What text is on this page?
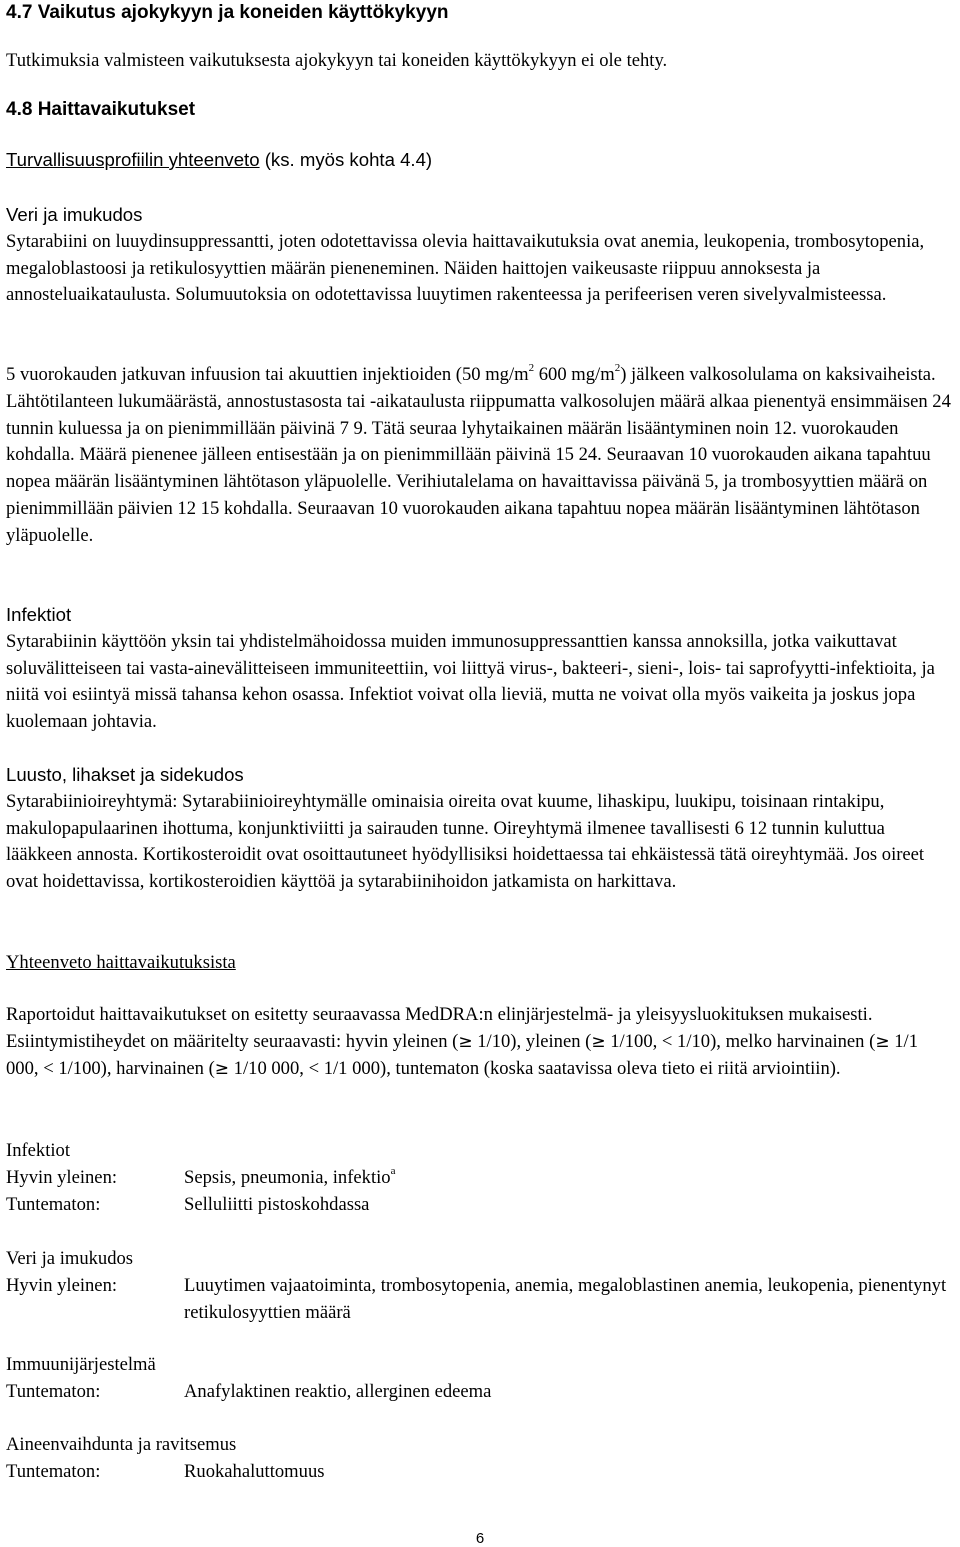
4.7 Vaikutus ajokykyyn ja koneiden käyttökykyyn

Tutkimuksia valmisteen vaikutuksesta ajokykyyn tai koneiden käyttökykyyn ei ole tehty.

4.8 Haittavaikutukset

Turvallisuusprofiilin yhteenveto (ks. myös kohta 4.4)

Veri ja imukudos

Sytarabiini on luuydinsuppressantti, joten odotettavissa olevia haittavaikutuksia ovat anemia, leukopenia, trombosytopenia, megaloblastoosi ja retikulosyyttien määrän pieneneminen. Näiden haittojen vaikeusaste riippuu annoksesta ja annosteluaikataulusta. Solumuutoksia on odotettavissa luuytimen rakenteessa ja perifeerisen veren sivelyvalmisteessa.

5 vuorokauden jatkuvan infuusion tai akuuttien injektioiden (50 $mg/m^2$ 600 $mg/m^2$) jälkeen valkosolulama on kaksivaiheista. Lähtötilanteen lukumäärästä, annostustasosta tai -aikataulusta riippumatta valkosolujen määrä alkaa pienentyä ensimmäisen 24 tunnin kuluessa ja on pienimmillään päivinä 7 9. Tätä seuraa lyhytaikainen määrän lisääntyminen noin 12. vuorokauden kohdalla. Määrä pienenee jälleen entisestään ja on pienimmillään päivinä 15 24. Seuraavan 10 vuorokauden aikana tapahtuu nopea määrän lisääntyminen lähtötason yläpuolelle. Verihiutalelama on havaittavissa päivänä 5, ja trombosyyttien määrä on pienimmillään päivien 12 15 kohdalla. Seuraavan 10 vuorokauden aikana tapahtuu nopea määrän lisääntyminen lähtötason yläpuolelle.

Infektiot

Sytarabiinin käyttöön yksin tai yhdistelmähoidossa muiden immunosuppressanttien kanssa annoksilla, jotka vaikuttavat soluvälitteiseen tai vasta-ainevälitteiseen immuniteettiin, voi liittyä virus-, bakteeri-, sieni-, lois- tai saprofyytti-infektioita, ja niitä voi esiintyä missä tahansa kehon osassa. Infektiot voivat olla lieviä, mutta ne voivat olla myös vaikeita ja joskus jopa kuolemaan johtavia.

Luusto, lihakset ja sidekudos

Sytarabiinioireyhtymä: Sytarabiinioireyhtymälle ominaisia oireita ovat kuume, lihaskipu, luukipu, toisinaan rintakipu, makulopapulaarinen ihottuma, konjunktiviitti ja sairauden tunne. Oireyhtymä ilmenee tavallisesti 6 12 tunnin kuluttua lääkkeen annosta. Kortikosteroidit ovat osoittautuneet hyödyllisiksi hoidettaessa tai ehkäistessä tätä oireyhtymää. Jos oireet ovat hoidettavissa, kortikosteroidien käyttöä ja sytarabiinihoidon jatkamista on harkittava.

Yhteenveto haittavaikutuksista

Raportoidut haittavaikutukset on esitetty seuraavassa MedDRA:n elinjärjestelmä- ja yleisyysluokituksen mukaisesti. Esiintymistiheydet on määritelty seuraavasti: hyvin yleinen (≥ 1/10), yleinen (≥ 1/100, < 1/10), melko harvinainen (≥ 1/1 000, < 1/100), harvinainen (≥ 1/10 000, < 1/1 000), tuntematon (koska saatavissa oleva tieto ei riitä arviointiin).

Infektiot

Hyvin yleinen:	Sepsis, pneumonia, infektio$^a$
Tuntematon:	Selluliitti pistoskohdassa

Veri ja imukudos

Hyvin yleinen:	Luuytimen vajaatoiminta, trombosytopenia, anemia, megaloblastinen anemia, leukopenia, pienentynyt retikulosyyttien määrä

Immuunijärjestelmä

Tuntematon:	Anafylaktinen reaktio, allerginen edeema

Aineenvaihdunta ja ravitsemus

Tuntematon:	Ruokahaluttomuus
6
